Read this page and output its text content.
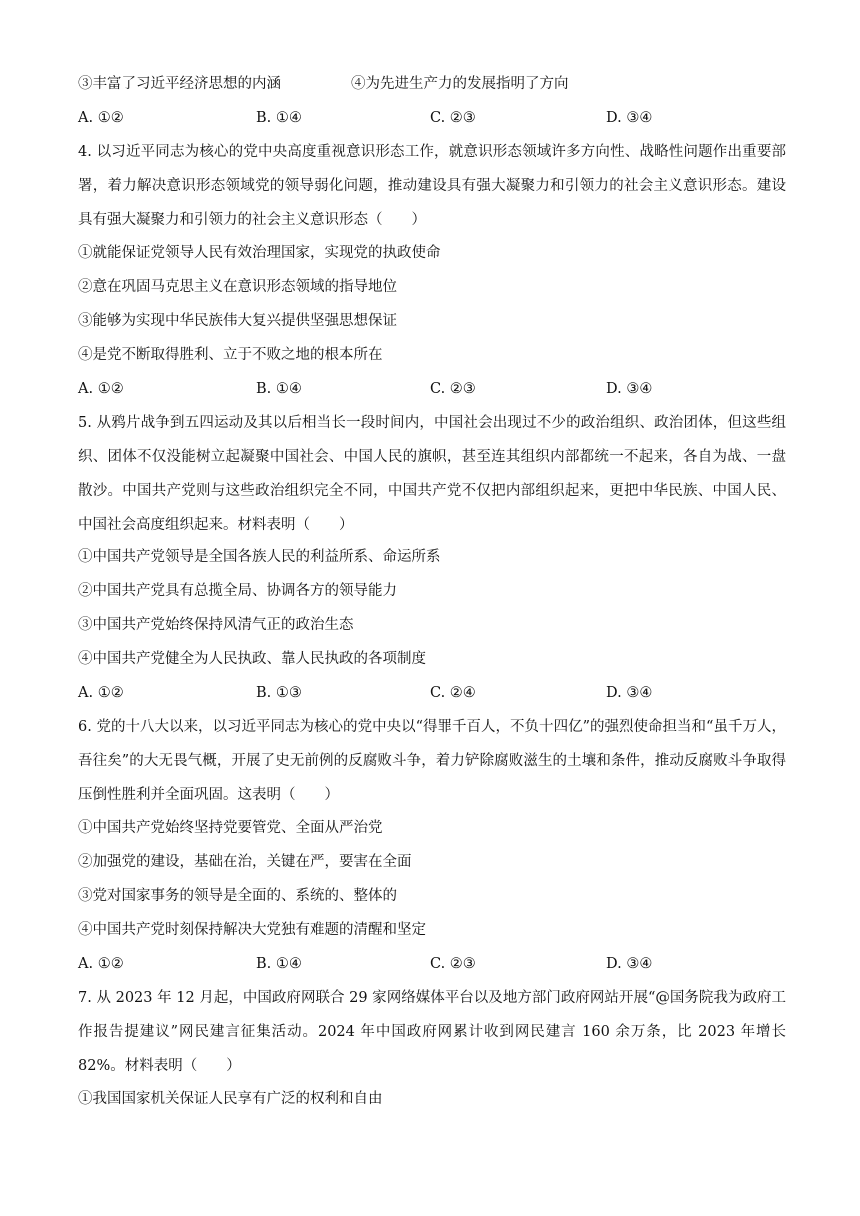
③丰富了习近平经济思想的内涵	④为先进生产力的发展指明了方向
A. ①②	B. ①④	C. ②③	D. ③④
4. 以习近平同志为核心的党中央高度重视意识形态工作，就意识形态领域许多方向性、战略性问题作出重要部署，着力解决意识形态领域党的领导弱化问题，推动建设具有强大凝聚力和引领力的社会主义意识形态。建设具有强大凝聚力和引领力的社会主义意识形态（　　）
①就能保证党领导人民有效治理国家，实现党的执政使命
②意在巩固马克思主义在意识形态领域的指导地位
③能够为实现中华民族伟大复兴提供坚强思想保证
④是党不断取得胜利、立于不败之地的根本所在
A. ①②	B. ①④	C. ②③	D. ③④
5. 从鸦片战争到五四运动及其以后相当长一段时间内，中国社会出现过不少的政治组织、政治团体，但这些组织、团体不仅没能树立起凝聚中国社会、中国人民的旗帜，甚至连其组织内部都统一不起来，各自为战、一盘散沙。中国共产党则与这些政治组织完全不同，中国共产党不仅把内部组织起来，更把中华民族、中国人民、中国社会高度组织起来。材料表明（　　）
①中国共产党领导是全国各族人民的利益所系、命运所系
②中国共产党具有总揽全局、协调各方的领导能力
③中国共产党始终保持风清气正的政治生态
④中国共产党健全为人民执政、靠人民执政的各项制度
A. ①②	B. ①③	C. ②④	D. ③④
6. 党的十八大以来，以习近平同志为核心的党中央以“得罪千百人，不负十四亿”的强烈使命担当和“虽千万人，吾往矣”的大无畏气概，开展了史无前例的反腐败斗争，着力铲除腐败滋生的土壤和条件，推动反腐败斗争取得压倒性胜利并全面巩固。这表明（　　）
①中国共产党始终坚持党要管党、全面从严治党
②加强党的建设，基础在治，关键在严，要害在全面
③党对国家事务的领导是全面的、系统的、整体的
④中国共产党时刻保持解决大党独有难题的清醒和坚定
A. ①②	B. ①④	C. ②③	D. ③④
7. 从 2023 年 12 月起，中国政府网联合 29 家网络媒体平台以及地方部门政府网站开展“@国务院我为政府工作报告提建议”网民建言征集活动。2024 年中国政府网累计收到网民建言 160 余万条，比 2023 年增长 82%。材料表明（　　）
①我国国家机关保证人民享有广泛的权利和自由
